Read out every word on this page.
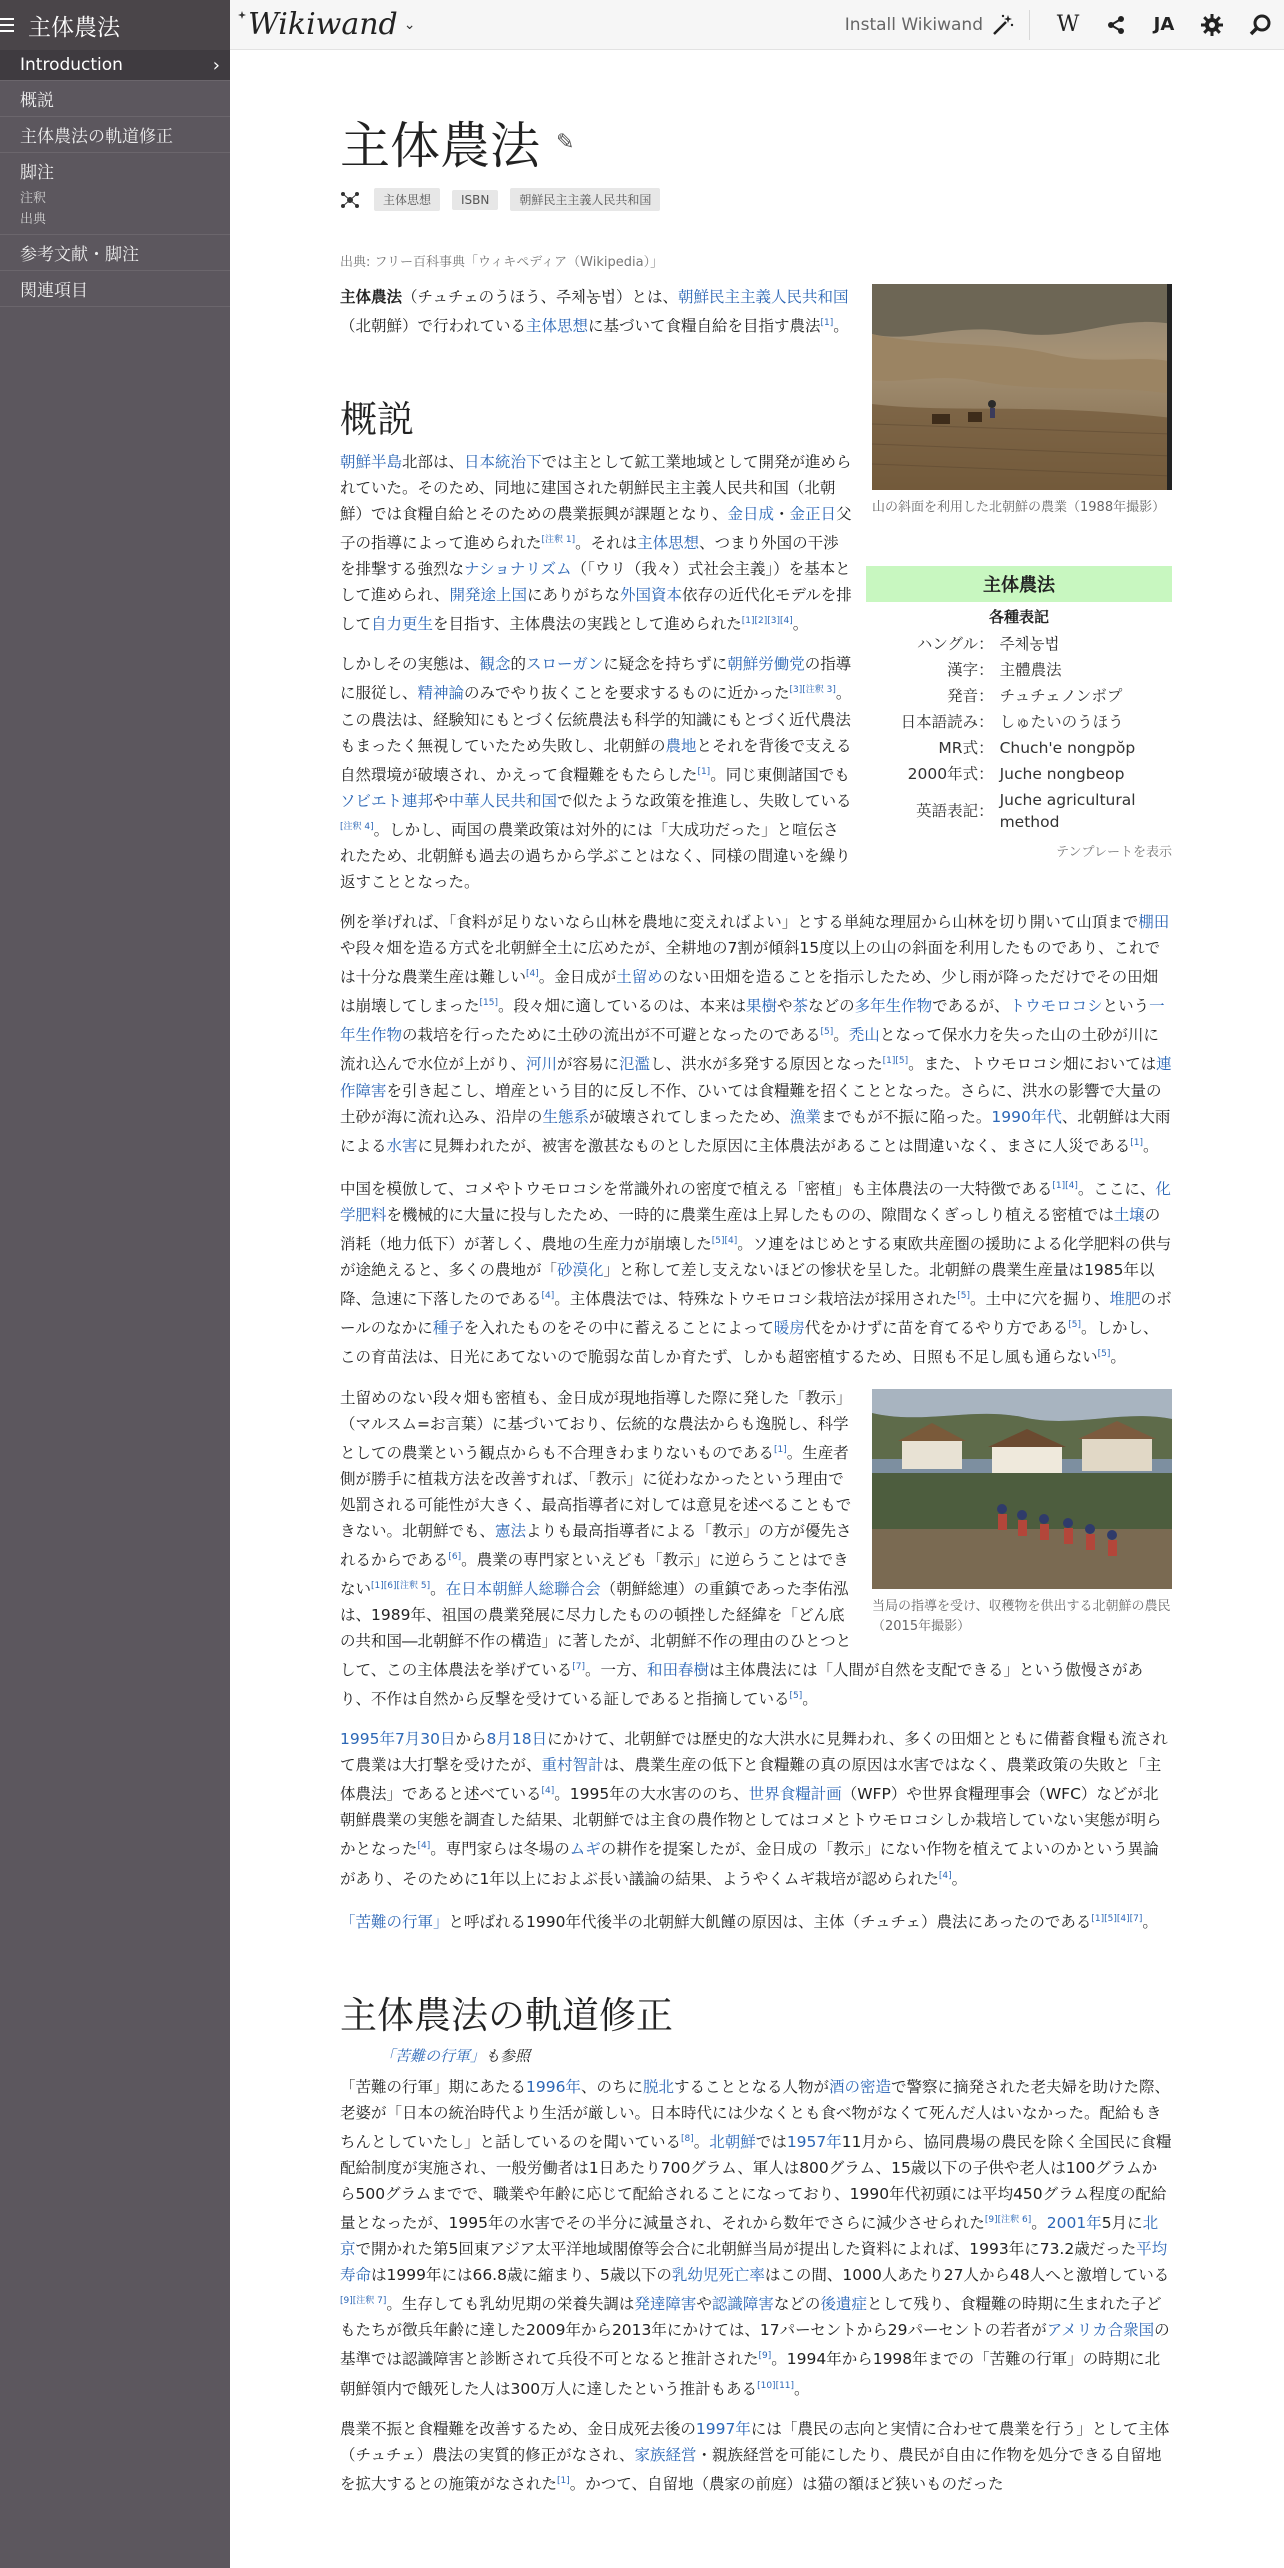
主体農法
Introduction	›
概説
主体農法の軌道修正
脚注
注釈
出典
参考文献・脚注
関連項目
Wikiwand ⌄	Install Wikiwand	W	JA
主体農法 ✎
主体思想	ISBN	朝鮮民主主義人民共和国
出典: フリー百科事典「ウィキペディア（Wikipedia）」
山の斜面を利用した北朝鮮の農業（1988年撮影）
主体農法
各種表記
ハングル：	주체농법
漢字：	主體農法
発音：	チュチェノンボプ
日本語読み：	しゅたいのうほう
MR式：	Chuch'e nongpŏp
2000年式：	Juche nongbeop
英語表記：	Juche agricultural method
テンプレートを表示

主体農法（チュチェのうほう、주체농법）とは、朝鮮民主主義人民共和国（北朝鮮）で行われている主体思想に基づいて食糧自給を目指す農法[1]。

概説

朝鮮半島北部は、日本統治下では主として鉱工業地域として開発が進められていた。そのため、同地に建国された朝鮮民主主義人民共和国（北朝鮮）では食糧自給とそのための農業振興が課題となり、金日成・金正日父子の指導によって進められた[注釈 1]。それは主体思想、つまり外国の干渉を排撃する強烈なナショナリズム（「ウリ（我々）式社会主義」）を基本として進められ、開発途上国にありがちな外国資本依存の近代化モデルを排して自力更生を目指す、主体農法の実践として進められた[1][2][3][4]。

しかしその実態は、観念的スローガンに疑念を持ちずに朝鮮労働党の指導に服従し、精神論のみでやり抜くことを要求するものに近かった[3][注釈 3]。この農法は、経験知にもとづく伝統農法も科学的知識にもとづく近代農法もまったく無視していたため失敗し、北朝鮮の農地とそれを背後で支える自然環境が破壊され、かえって食糧難をもたらした[1]。同じ東側諸国でもソビエト連邦や中華人民共和国で似たような政策を推進し、失敗している[注釈 4]。しかし、両国の農業政策は対外的には「大成功だった」と喧伝されたため、北朝鮮も過去の過ちから学ぶことはなく、同様の間違いを繰り返すこととなった。

例を挙げれば、「食料が足りないなら山林を農地に変えればよい」とする単純な理屈から山林を切り開いて山頂まで棚田や段々畑を造る方式を北朝鮮全土に広めたが、全耕地の7割が傾斜15度以上の山の斜面を利用したものであり、これでは十分な農業生産は難しい[4]。金日成が土留めのない田畑を造ることを指示したため、少し雨が降っただけでその田畑は崩壊してしまった[15]。段々畑に適しているのは、本来は果樹や茶などの多年生作物であるが、トウモロコシという一年生作物の栽培を行ったために土砂の流出が不可避となったのである[5]。禿山となって保水力を失った山の土砂が川に流れ込んで水位が上がり、河川が容易に氾濫し、洪水が多発する原因となった[1][5]。また、トウモロコシ畑においては連作障害を引き起こし、増産という目的に反し不作、ひいては食糧難を招くこととなった。さらに、洪水の影響で大量の土砂が海に流れ込み、沿岸の生態系が破壊されてしまったため、漁業までもが不振に陥った。1990年代、北朝鮮は大雨による水害に見舞われたが、被害を激甚なものとした原因に主体農法があることは間違いなく、まさに人災である[1]。

中国を模倣して、コメやトウモロコシを常識外れの密度で植える「密植」も主体農法の一大特徴である[1][4]。ここに、化学肥料を機械的に大量に投与したため、一時的に農業生産は上昇したものの、隙間なくぎっしり植える密植では土壌の消耗（地力低下）が著しく、農地の生産力が崩壊した[5][4]。ソ連をはじめとする東欧共産圏の援助による化学肥料の供与が途絶えると、多くの農地が「砂漠化」と称して差し支えないほどの惨状を呈した。北朝鮮の農業生産量は1985年以降、急速に下落したのである[4]。主体農法では、特殊なトウモロコシ栽培法が採用された[5]。土中に穴を掘り、堆肥のボールのなかに種子を入れたものをその中に蓄えることによって暖房代をかけずに苗を育てるやり方である[5]。しかし、この育苗法は、日光にあてないので脆弱な苗しか育たず、しかも超密植するため、日照も不足し風も通らない[5]。

当局の指導を受け、収穫物を供出する北朝鮮の農民（2015年撮影）

土留めのない段々畑も密植も、金日成が現地指導した際に発した「教示」（マルスム=お言葉）に基づいており、伝統的な農法からも逸脱し、科学としての農業という観点からも不合理きわまりないものである[1]。生産者側が勝手に植栽方法を改善すれば、「教示」に従わなかったという理由で処罰される可能性が大きく、最高指導者に対しては意見を述べることもできない。北朝鮮でも、憲法よりも最高指導者による「教示」の方が優先されるからである[6]。農業の専門家といえども「教示」に逆らうことはできない[1][6][注釈 5]。在日本朝鮮人総聯合会（朝鮮総連）の重鎮であった李佑泓は、1989年、祖国の農業発展に尽力したものの頓挫した経緯を「どん底の共和国―北朝鮮不作の構造」に著したが、北朝鮮不作の理由のひとつとして、この主体農法を挙げている[7]。一方、和田春樹は主体農法には「人間が自然を支配できる」という傲慢さがあり、不作は自然から反撃を受けている証しであると指摘している[5]。

1995年7月30日から8月18日にかけて、北朝鮮では歴史的な大洪水に見舞われ、多くの田畑とともに備蓄食糧も流されて農業は大打撃を受けたが、重村智計は、農業生産の低下と食糧難の真の原因は水害ではなく、農業政策の失敗と「主体農法」であると述べている[4]。1995年の大水害ののち、世界食糧計画（WFP）や世界食糧理事会（WFC）などが北朝鮮農業の実態を調査した結果、北朝鮮では主食の農作物としてはコメとトウモロコシしか栽培していない実態が明らかとなった[4]。専門家らは冬場のムギの耕作を提案したが、金日成の「教示」にない作物を植えてよいのかという異論があり、そのために1年以上におよぶ長い議論の結果、ようやくムギ栽培が認められた[4]。

「苦難の行軍」と呼ばれる1990年代後半の北朝鮮大飢饉の原因は、主体（チュチェ）農法にあったのである[1][5][4][7]。

主体農法の軌道修正
「苦難の行軍」も参照

「苦難の行軍」期にあたる1996年、のちに脱北することとなる人物が酒の密造で警察に摘発された老夫婦を助けた際、老婆が「日本の統治時代より生活が厳しい。日本時代には少なくとも食べ物がなくて死んだ人はいなかった。配給もきちんとしていたし」と話しているのを聞いている[8]。北朝鮮では1957年11月から、協同農場の農民を除く全国民に食糧配給制度が実施され、一般労働者は1日あたり700グラム、軍人は800グラム、15歳以下の子供や老人は100グラムから500グラムまでで、職業や年齢に応じて配給されることになっており、1990年代初頭には平均450グラム程度の配給量となったが、1995年の水害でその半分に減量され、それから数年でさらに減少させられた[9][注釈 6]。2001年5月に北京で開かれた第5回東アジア太平洋地域閣僚等会合に北朝鮮当局が提出した資料によれば、1993年に73.2歳だった平均寿命は1999年には66.8歳に縮まり、5歳以下の乳幼児死亡率はこの間、1000人あたり27人から48人へと激増している[9][注釈 7]。生存しても乳幼児期の栄養失調は発達障害や認識障害などの後遺症として残り、食糧難の時期に生まれた子どもたちが徴兵年齢に達した2009年から2013年にかけては、17パーセントから29パーセントの若者がアメリカ合衆国の基準では認識障害と診断されて兵役不可となると推計された[9]。1994年から1998年までの「苦難の行軍」の時期に北朝鮮領内で餓死した人は300万人に達したという推計もある[10][11]。

農業不振と食糧難を改善するため、金日成死去後の1997年には「農民の志向と実情に合わせて農業を行う」として主体（チュチェ）農法の実質的修正がなされ、家族経営・親族経営を可能にしたり、農民が自由に作物を処分できる自留地を拡大するとの施策がなされた[1]。かつて、自留地（農家の前庭）は猫の額ほど狭いものだった
